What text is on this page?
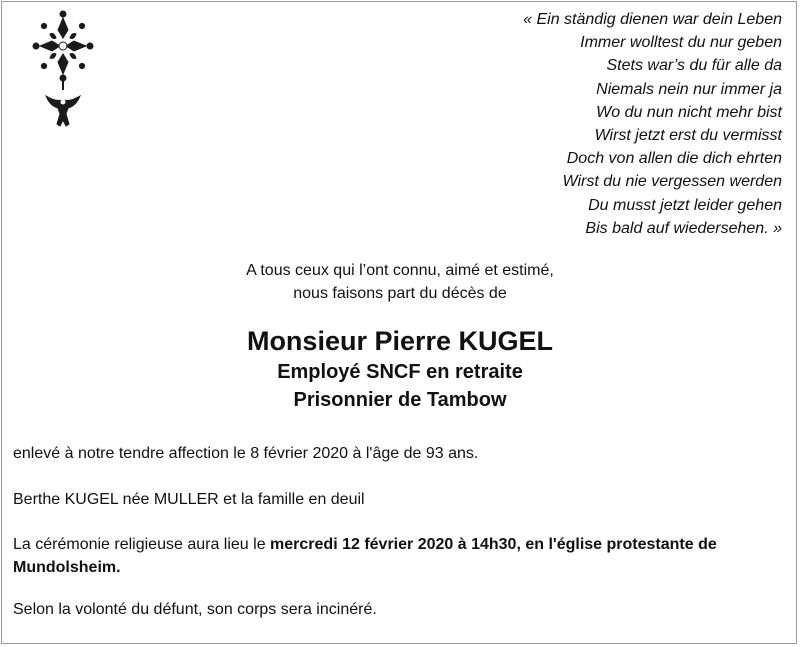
« Ein ständig dienen war dein Leben
Immer wolltest du nur geben
Stets war’s du für alle da
Niemals nein nur immer ja
Wo du nun nicht mehr bist
Wirst jetzt erst du vermisst
Doch von allen die dich ehrten
Wirst du nie vergessen werden
Du musst jetzt leider gehen
Bis bald auf wiedersehen. »
A tous ceux qui l’ont connu, aimé et estimé,
nous faisons part du décès de
Monsieur Pierre KUGEL
Employé SNCF en retraite
Prisonnier de Tambow
enlevé à notre tendre affection le 8 février 2020 à l'âge de 93 ans.
Berthe KUGEL née MULLER et la famille en deuil
La cérémonie religieuse aura lieu le mercredi 12 février 2020 à 14h30, en l'église protestante de Mundolsheim.
Selon la volonté du défunt, son corps sera incinéré.
